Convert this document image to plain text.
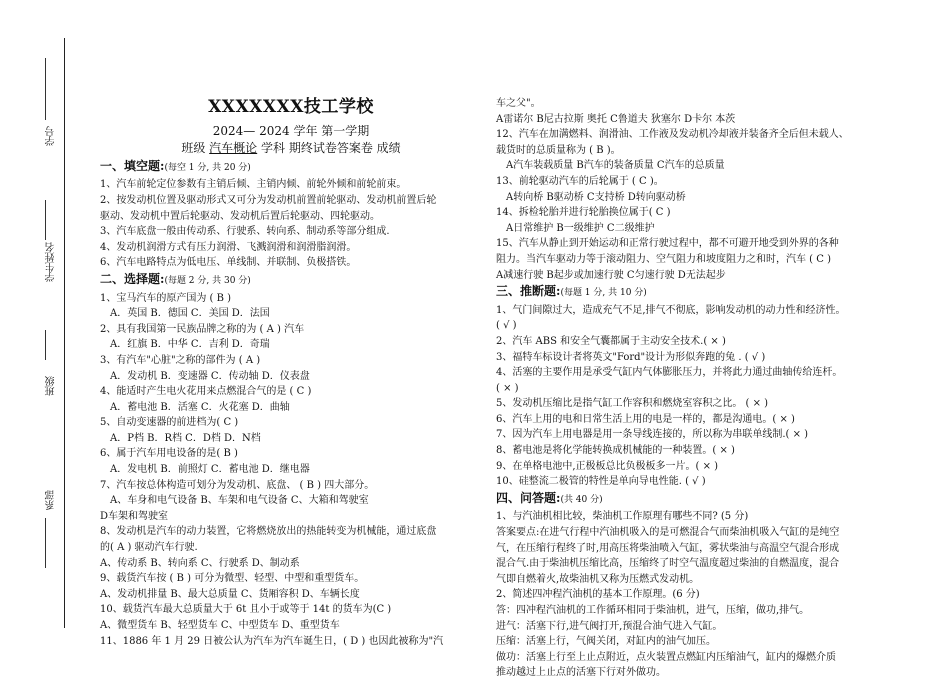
学号
学生姓名
班级
系部
XXXXXXX技工学校
2024— 2024 学年 第一学期
班级 汽车概论 学科 期终试卷答案卷 成绩
一、填空题:(每空 1 分, 共 20 分)

1、汽车前轮定位参数有主销后倾、主销内倾、前轮外倾和前轮前束。

2、按发动机位置及驱动形式又可分为发动机前置前轮驱动、发动机前置后轮

驱动、发动机中置后轮驱动、发动机后置后轮驱动、四轮驱动。

3、汽车底盘一般由传动系、行驶系、转向系、制动系等部分组成.

4、发动机润滑方式有压力润滑、飞溅润滑和润滑脂润滑。

6、汽车电路特点为低电压、单线制、并联制、负极搭铁。

二、选择题:(每题 2 分, 共 30 分)

1、宝马汽车的原产国为 ( B )

A．英国 B．德国 C．美国 D．法国

2、具有我国第一民族品牌之称的为 ( A ) 汽车

A．红旗 B．中华 C．吉利 D．奇瑞

3、有汽车"心脏"之称的部件为 ( A )

A．发动机 B．变速器 C．传动轴 D．仪表盘

4、能适时产生电火花用来点燃混合气的是 ( C )

A．蓄电池 B．活塞 C．火花塞 D．曲轴

5、自动变速器的前进档为( C )

A．P档 B．R档 C．D档 D．N档

6、属于汽车用电设备的是( B )

A．发电机 B．前照灯 C．蓄电池 D．继电器

7、汽车按总体构造可划分为发动机、底盘、 ( B ) 四大部分。

A、车身和电气设备 B、车架和电气设备 C、大箱和驾驶室

D车架和驾驶室

8、发动机是汽车的动力装置，它将燃烧放出的热能转变为机械能，通过底盘

的( A ) 驱动汽车行驶.

A、传动系 B、转向系 C、行驶系 D、制动系

9、载货汽车按 ( B ) 可分为微型、轻型、中型和重型货车。

A、发动机排量 B、最大总质量 C、货厢容积 D、车辆长度

10、载货汽车最大总质量大于 6t 且小于或等于 14t 的货车为(C )

A、微型货车 B、轻型货车 C、中型货车 D、重型货车

11、1886 年 1 月 29 日被公认为汽车为汽车诞生日，( D ) 也因此被称为"汽

车之父"。

A雷诺尔 B尼古拉斯 奥托 C鲁道夫 狄塞尔 D卡尔 本茨

12、汽车在加满燃料、润滑油、工作液及发动机冷却液并装备齐全后但未载人、

载货时的总质量称为 ( B )。

A汽车装载质量 B汽车的装备质量 C汽车的总质量

13、前轮驱动汽车的后轮属于 ( C )。

A转向桥 B驱动桥 C支持桥 D转向驱动桥

14、拆检轮胎并进行轮胎换位属于( C )

A日常维护 B一级维护 C二级维护

15、汽车从静止到开始运动和正常行驶过程中，都不可避开地受到外界的各种

阻力。当汽车驱动力等于滚动阻力、空气阻力和坡度阻力之和时，汽车 ( C )

A减速行驶 B起步或加速行驶 C匀速行驶 D无法起步

三、推断题:(每题 1 分, 共 10 分)

1、气门间隙过大，造成充气不足,排气不彻底，影响发动机的动力性和经济性。

( √ )

2、汽车 ABS 和安全气囊都属于主动安全技术.( × )

3、福特车标设计者将英文"Ford"设计为形似奔跑的兔 . ( √ )

4、活塞的主要作用是承受气缸内气体膨胀压力，并将此力通过曲轴传给连杆。

( × )

5、发动机压缩比是指气缸工作容积和燃烧室容积之比。 ( × )

6、汽车上用的电和日常生活上用的电是一样的，都是沟通电。( × )

7、因为汽车上用电器是用一条导线连接的，所以称为串联单线制.( × )

8、蓄电池是将化学能转换成机械能的一种装置。( × )

9、在单格电池中,正极板总比负极板多一片。( × )

10、硅整流二极管的特性是单向导电性能. ( √ )

四、问答题:(共 40 分)

1、与汽油机相比较，柴油机工作原理有哪些不同? (5 分)

答案要点:在进气行程中汽油机吸入的是可燃混合气而柴油机吸入气缸的是纯空

气，在压缩行程终了时,用高压将柴油喷入气缸，雾状柴油与高温空气混合形成

混合气.由于柴油机压缩比高，压缩终了时空气温度超过柴油的自燃温度，混合

气即自燃着火,故柴油机又称为压燃式发动机。

2、简述四冲程汽油机的基本工作原理。(6 分)

答：四冲程汽油机的工作循环相同于柴油机，进气，压缩，做功,排气。

进气：活塞下行,进气阀打开,预混合油气进入气缸。

压缩：活塞上行，气阀关闭，对缸内的油气加压。

做功：活塞上行至上止点附近，点火装置点燃缸内压缩油气，缸内的爆燃介质

推动越过上止点的活塞下行对外做功。
